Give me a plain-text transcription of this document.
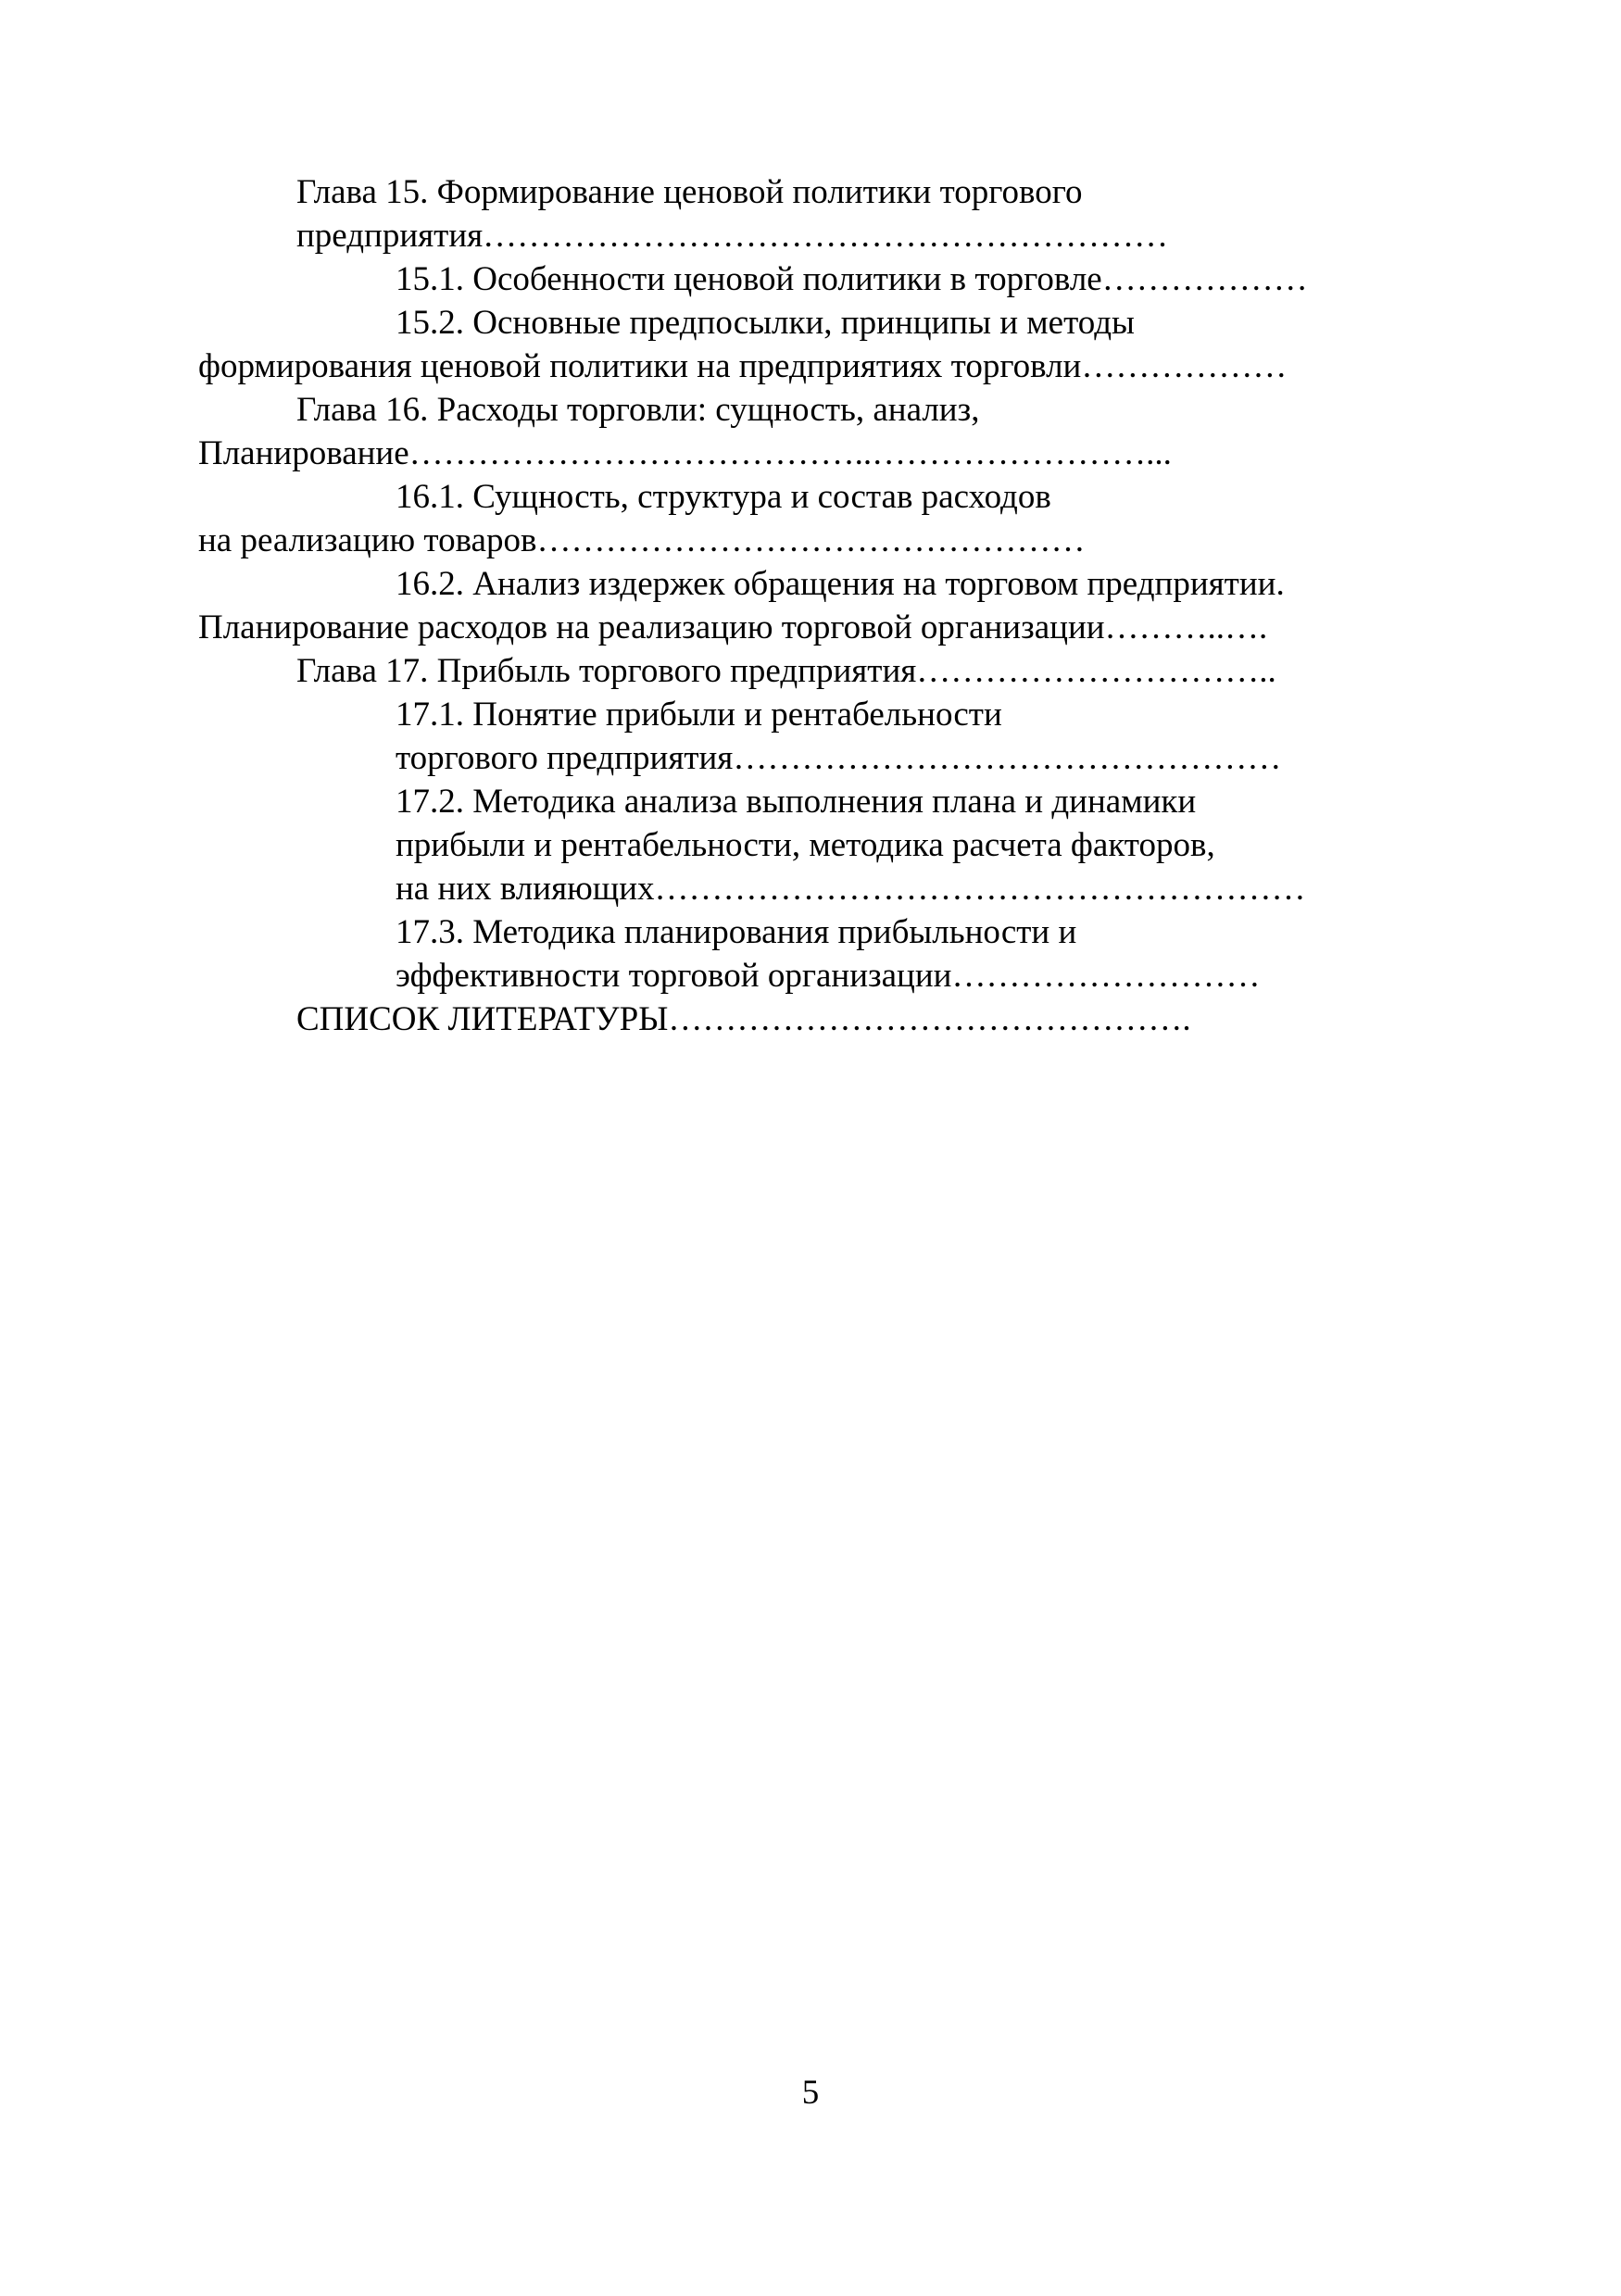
Глава 15. Формирование ценовой политики торгового
предприятия……………………………………………………
15.1. Особенности ценовой политики в торговле………………
15.2. Основные предпосылки, принципы и методы
формирования ценовой политики на предприятиях торговли………………
Глава 16. Расходы торговли: сущность, анализ,
Планирование…………………………………..……………………...
16.1. Сущность, структура и состав расходов
на реализацию товаров…………………………………………
16.2. Анализ издержек обращения на торговом предприятии.
Планирование расходов на реализацию торговой организации………..….
Глава 17. Прибыль торгового предприятия…………………………..
17.1. Понятие прибыли и рентабельности
торгового предприятия…………………………………………
17.2. Методика анализа выполнения плана и динамики
прибыли и рентабельности, методика расчета факторов,
на них влияющих…………………………………………………
17.3. Методика планирования прибыльности и
эффективности торговой организации………………………
СПИСОК ЛИТЕРАТУРЫ……………………………………….
5
